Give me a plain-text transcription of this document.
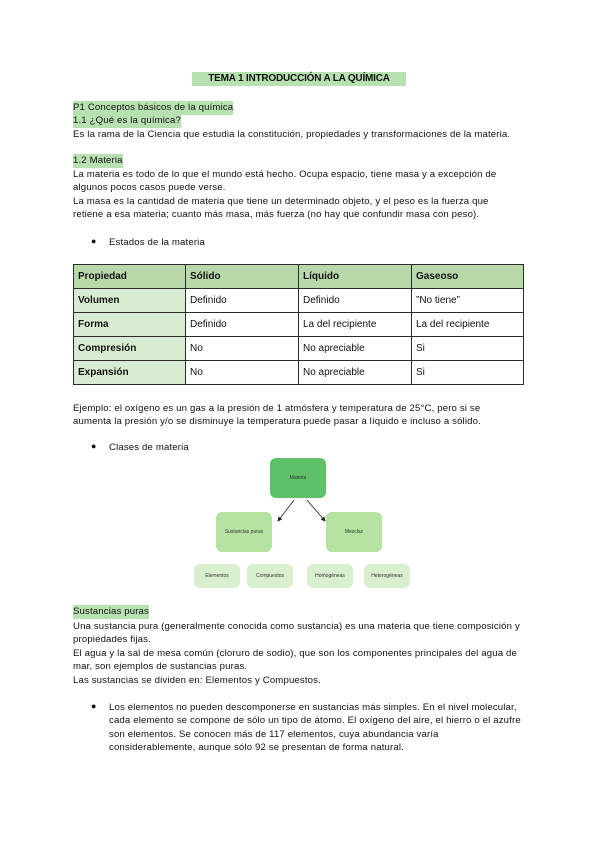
TEMA 1 INTRODUCCIÓN A LA QUÍMICA
P1 Conceptos básicos de la química
1.1 ¿Qué es la química?
Es la rama de la Ciencia que estudia la constitución, propiedades y transformaciones de la materia.
1.2 Materia
La materia es todo de lo que el mundo está hecho. Ocupa espacio, tiene masa y a excepción de
algunos pocos casos puede verse.
La masa es la cantidad de materia que tiene un determinado objeto, y el peso es la fuerza que
retiene a esa materia; cuanto más masa, más fuerza (no hay que confundir masa con peso).
● Estados de la materia
Propiedad	Sólido	Líquido	Gaseoso
Volumen	Definido	Definido	”No tiene”
Forma	Definido	La del recipiente	La del recipiente
Compresión	No	No apreciable	Si
Expansión	No	No apreciable	Si
Ejemplo: el oxígeno es un gas a la presión de 1 atmósfera y temperatura de 25°C, pero si se
aumenta la presión y/o se disminuye la temperatura puede pasar a líquido e incluso a sólido.
● Clases de materia
Materia
Sustancias puras	Mezclas
Elementos	Compuestos	Homogéneas	Heterogéneas
Sustancias puras
Una sustancia pura (generalmente conocida como sustancia) es una materia que tiene composición y
propiedades fijas.
El agua y la sal de mesa común (cloruro de sodio), que son los componentes principales del agua de
mar, son ejemplos de sustancias puras.
Las sustancias se dividen en: Elementos y Compuestos.
● Los elementos no pueden descomponerse en sustancias más simples. En el nivel molecular,
cada elemento se compone de sólo un tipo de átomo. El oxígeno del aire, el hierro o el azufre
son elementos. Se conocen más de 117 elementos, cuya abundancia varía
considerablemente, aunque sólo 92 se presentan de forma natural.
